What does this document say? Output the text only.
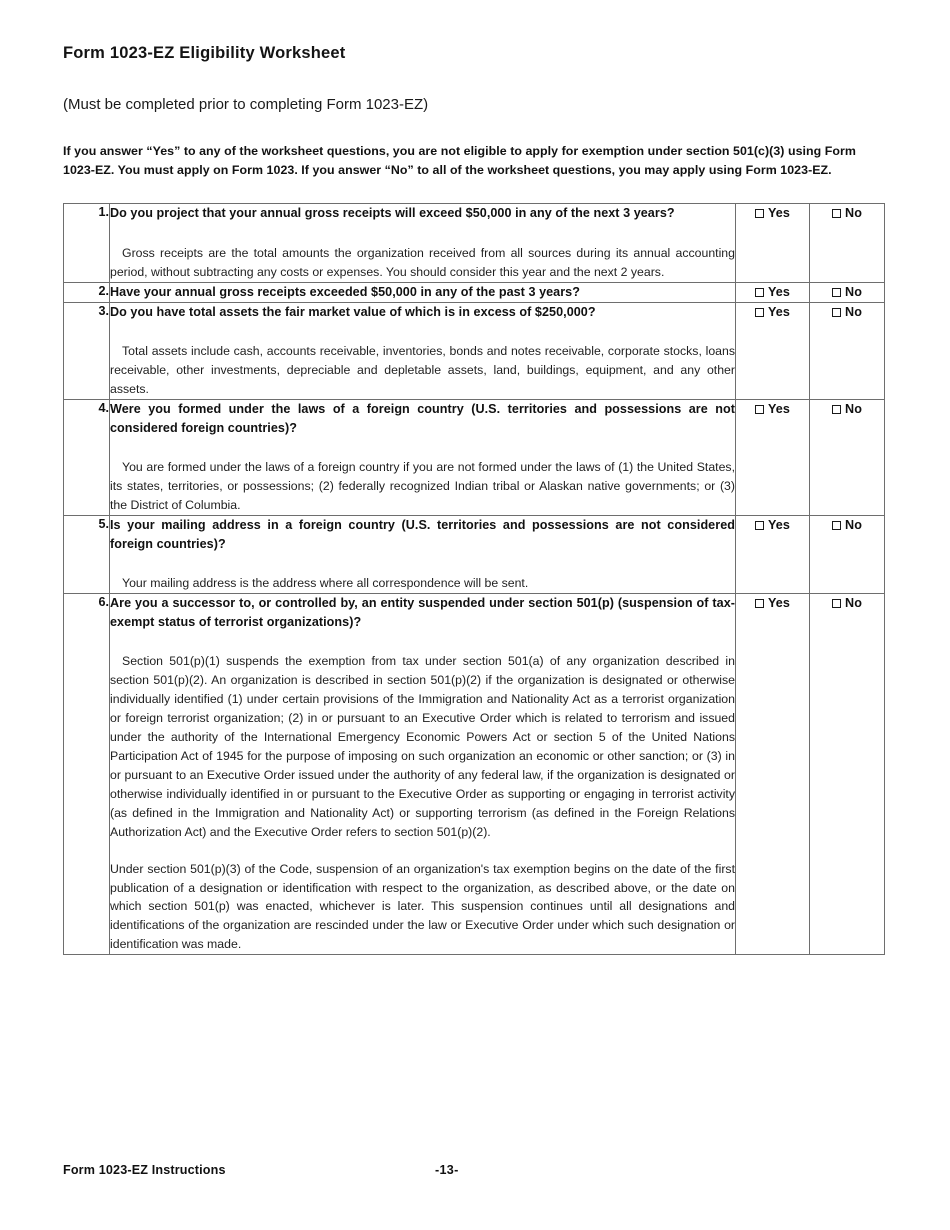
Form 1023-EZ Eligibility Worksheet

(Must be completed prior to completing Form 1023-EZ)

If you answer “Yes” to any of the worksheet questions, you are not eligible to apply for exemption under section 501(c)(3) using Form 1023-EZ. You must apply on Form 1023. If you answer “No” to all of the worksheet questions, you may apply using Form 1023-EZ.

1.	Do you project that your annual gross receipts will exceed $50,000 in any of the next 3 years?

Gross receipts are the total amounts the organization received from all sources during its annual accounting period, without subtracting any costs or expenses. You should consider this year and the next 2 years.	Yes	No
2.	Have your annual gross receipts exceeded $50,000 in any of the past 3 years?	Yes	No
3.	Do you have total assets the fair market value of which is in excess of $250,000?

Total assets include cash, accounts receivable, inventories, bonds and notes receivable, corporate stocks, loans receivable, other investments, depreciable and depletable assets, land, buildings, equipment, and any other assets.	Yes	No
4.	Were you formed under the laws of a foreign country (U.S. territories and possessions are not considered foreign countries)?

You are formed under the laws of a foreign country if you are not formed under the laws of (1) the United States, its states, territories, or possessions; (2) federally recognized Indian tribal or Alaskan native governments; or (3) the District of Columbia.	Yes	No
5.	Is your mailing address in a foreign country (U.S. territories and possessions are not considered foreign countries)?

Your mailing address is the address where all correspondence will be sent.	Yes	No
6.	Are you a successor to, or controlled by, an entity suspended under section 501(p) (suspension of tax-exempt status of terrorist organizations)?

Section 501(p)(1) suspends the exemption from tax under section 501(a) of any organization described in section 501(p)(2). An organization is described in section 501(p)(2) if the organization is designated or otherwise individually identified (1) under certain provisions of the Immigration and Nationality Act as a terrorist organization or foreign terrorist organization; (2) in or pursuant to an Executive Order which is related to terrorism and issued under the authority of the International Emergency Economic Powers Act or section 5 of the United Nations Participation Act of 1945 for the purpose of imposing on such organization an economic or other sanction; or (3) in or pursuant to an Executive Order issued under the authority of any federal law, if the organization is designated or otherwise individually identified in or pursuant to the Executive Order as supporting or engaging in terrorist activity (as defined in the Immigration and Nationality Act) or supporting terrorism (as defined in the Foreign Relations Authorization Act) and the Executive Order refers to section 501(p)(2).

Under section 501(p)(3) of the Code, suspension of an organization's tax exemption begins on the date of the first publication of a designation or identification with respect to the organization, as described above, or the date on which section 501(p) was enacted, whichever is later. This suspension continues until all designations and identifications of the organization are rescinded under the law or Executive Order under which such designation or identification was made.	Yes	No
Form 1023-EZ Instructions	-13-
